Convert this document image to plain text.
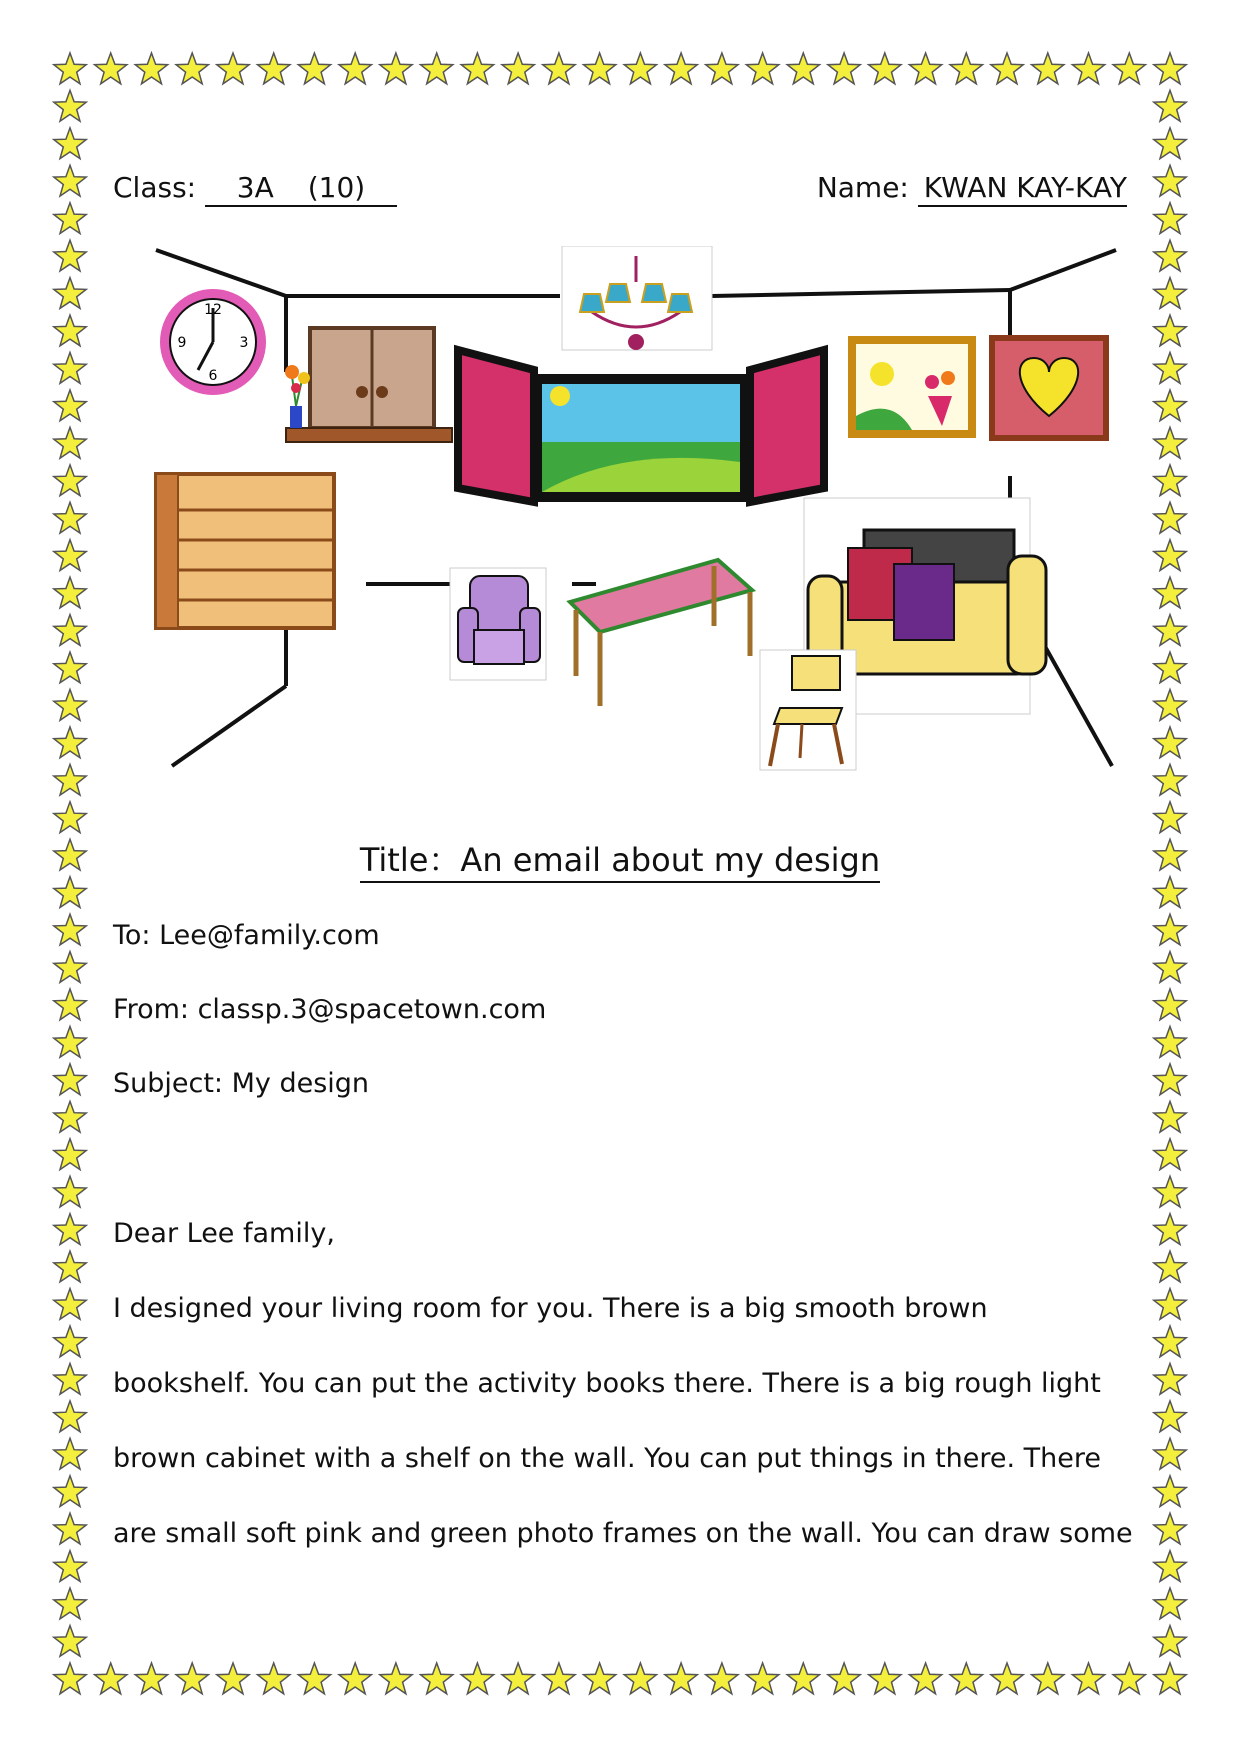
Class: 3A (10)	Name: KWAN KAY-KAY
12
3
6
9
Title：An email about my design
To: Lee@family.com
From: classp.3@spacetown.com
Subject: My design
Dear Lee family,
I designed your living room for you. There is a big smooth brown
bookshelf. You can put the activity books there. There is a big rough light
brown cabinet with a shelf on the wall. You can put things in there. There
are small soft pink and green photo frames on the wall. You can draw some
